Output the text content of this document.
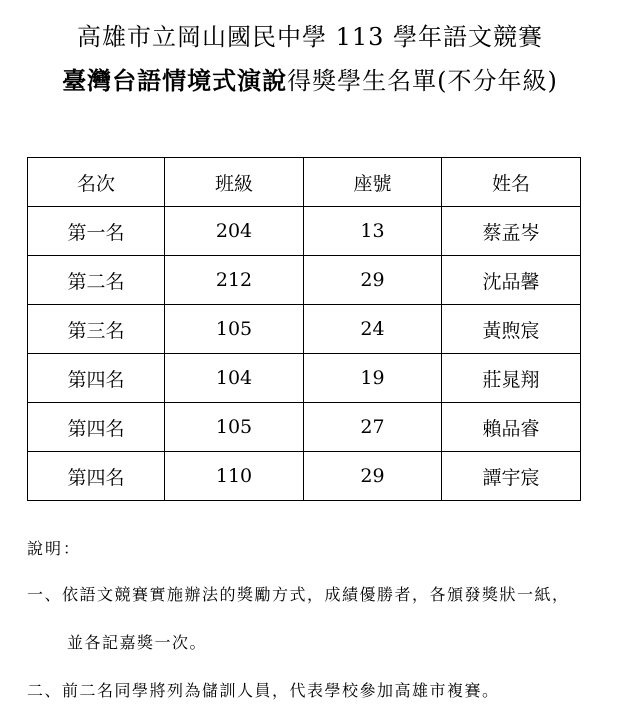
高雄市立岡山國民中學 113 學年語文競賽
臺灣台語情境式演說得獎學生名單(不分年級)
名次	班級	座號	姓名
第一名	204	13	蔡孟岑
第二名	212	29	沈品馨
第三名	105	24	黃煦宸
第四名	104	19	莊晁翔
第四名	105	27	賴品睿
第四名	110	29	譚宇宸
說明：
一、依語文競賽實施辦法的獎勵方式，成績優勝者，各頒發獎狀一紙，
並各記嘉獎一次。
二、前二名同學將列為儲訓人員，代表學校參加高雄市複賽。
